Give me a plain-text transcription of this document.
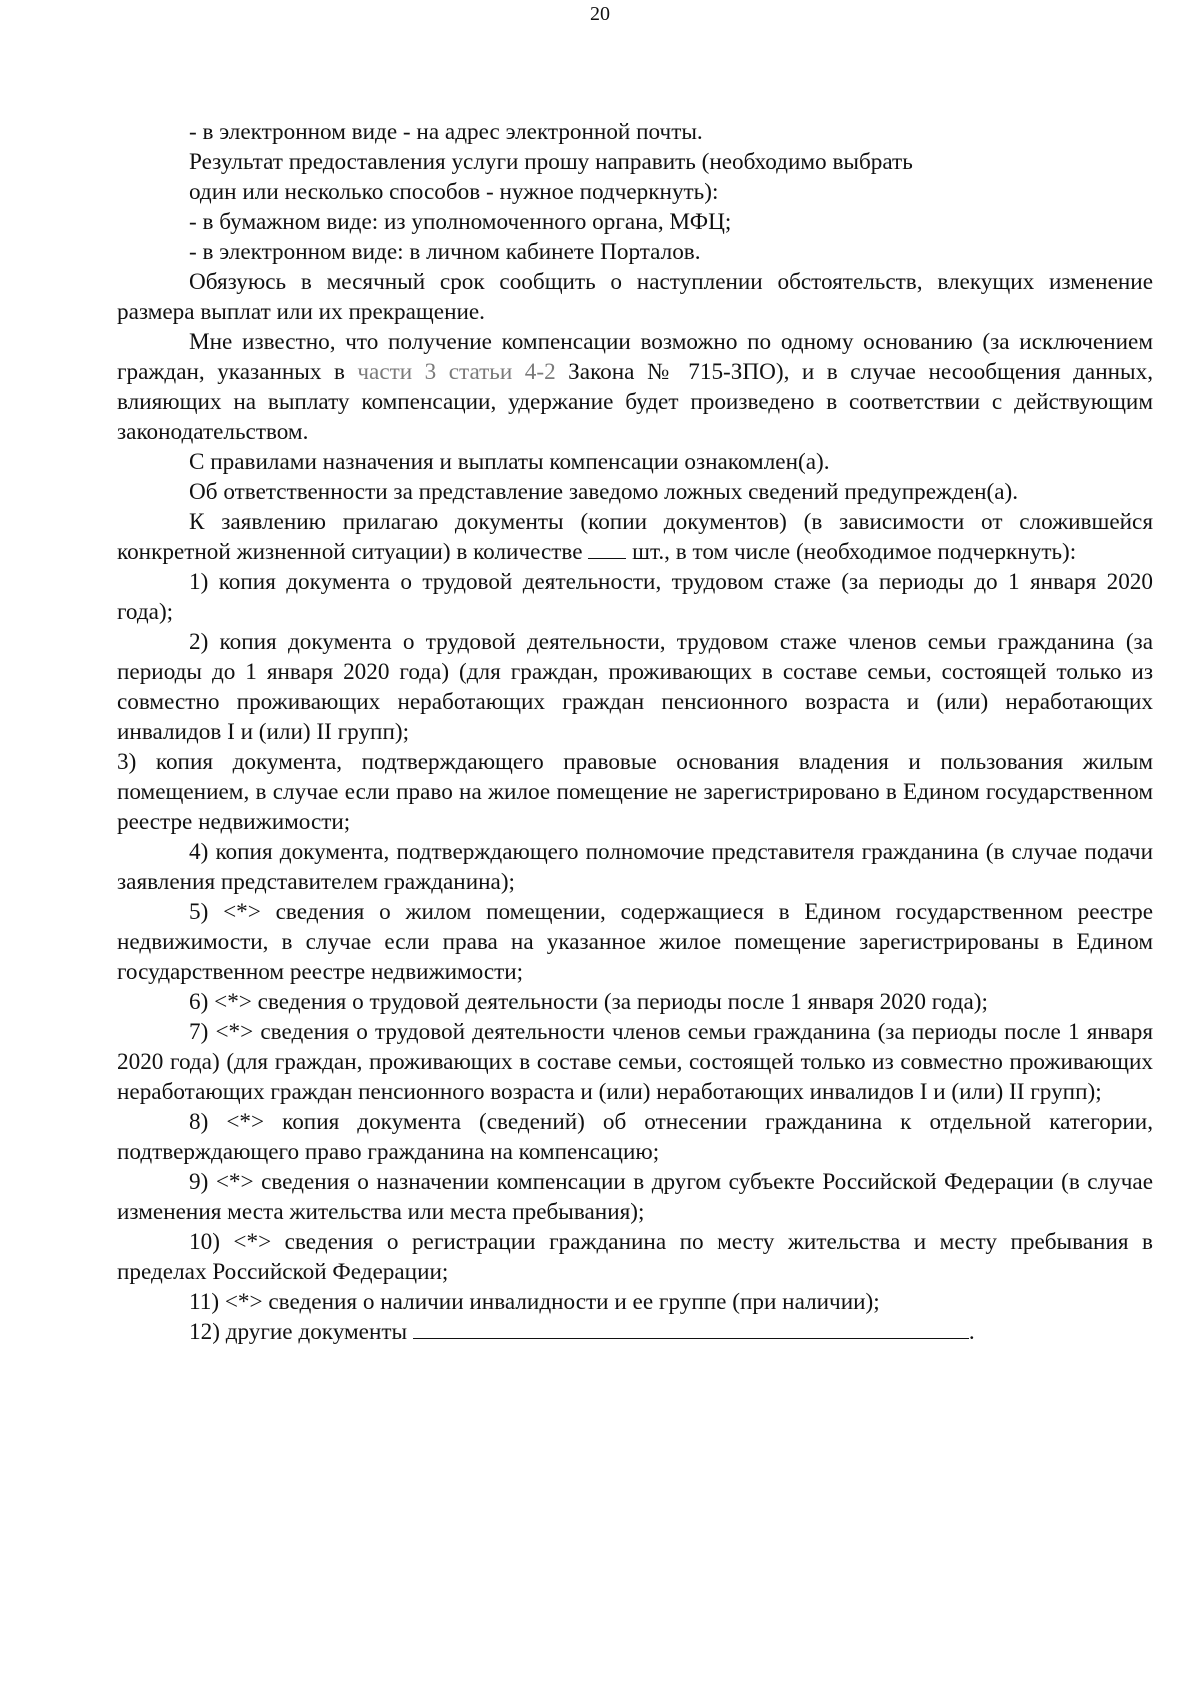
20

- в электронном виде - на адрес электронной почты.

Результат предоставления услуги прошу направить (необходимо выбрать
один или несколько способов - нужное подчеркнуть):

- в бумажном виде: из уполномоченного органа, МФЦ;

- в электронном виде: в личном кабинете Порталов.

Обязуюсь в месячный срок сообщить о наступлении обстоятельств, влекущих изменение размера выплат или их прекращение.

Мне известно, что получение компенсации возможно по одному основанию (за исключением граждан, указанных в части 3 статьи 4-2 Закона № 715-ЗПО), и в случае несообщения данных, влияющих на выплату компенсации, удержание будет произведено в соответствии с действующим законодательством.

С правилами назначения и выплаты компенсации ознакомлен(а).

Об ответственности за представление заведомо ложных сведений предупрежден(а).

К заявлению прилагаю документы (копии документов) (в зависимости от сложившейся конкретной жизненной ситуации) в количестве  шт., в том числе (необходимое подчеркнуть):

1) копия документа о трудовой деятельности, трудовом стаже (за периоды до 1 января 2020 года);

2) копия документа о трудовой деятельности, трудовом стаже членов семьи гражданина (за периоды до 1 января 2020 года) (для граждан, проживающих в составе семьи, состоящей только из совместно проживающих неработающих граждан пенсионного возраста и (или) неработающих инвалидов I и (или) II групп);

3) копия документа, подтверждающего правовые основания владения и пользования жилым помещением, в случае если право на жилое помещение не зарегистрировано в Едином государственном реестре недвижимости;

4) копия документа, подтверждающего полномочие представителя гражданина (в случае подачи заявления представителем гражданина);

5) <*> сведения о жилом помещении, содержащиеся в Едином государственном реестре недвижимости, в случае если права на указанное жилое помещение зарегистрированы в Едином государственном реестре недвижимости;

6) <*> сведения о трудовой деятельности (за периоды после 1 января 2020 года);

7) <*> сведения о трудовой деятельности членов семьи гражданина (за периоды после 1 января 2020 года) (для граждан, проживающих в составе семьи, состоящей только из совместно проживающих неработающих граждан пенсионного возраста и (или) неработающих инвалидов I и (или) II групп);

8) <*> копия документа (сведений) об отнесении гражданина к отдельной категории, подтверждающего право гражданина на компенсацию;

9) <*> сведения о назначении компенсации в другом субъекте Российской Федерации (в случае изменения места жительства или места пребывания);

10) <*> сведения о регистрации гражданина по месту жительства и месту пребывания в пределах Российской Федерации;

11) <*> сведения о наличии инвалидности и ее группе (при наличии);

12) другие документы	.
